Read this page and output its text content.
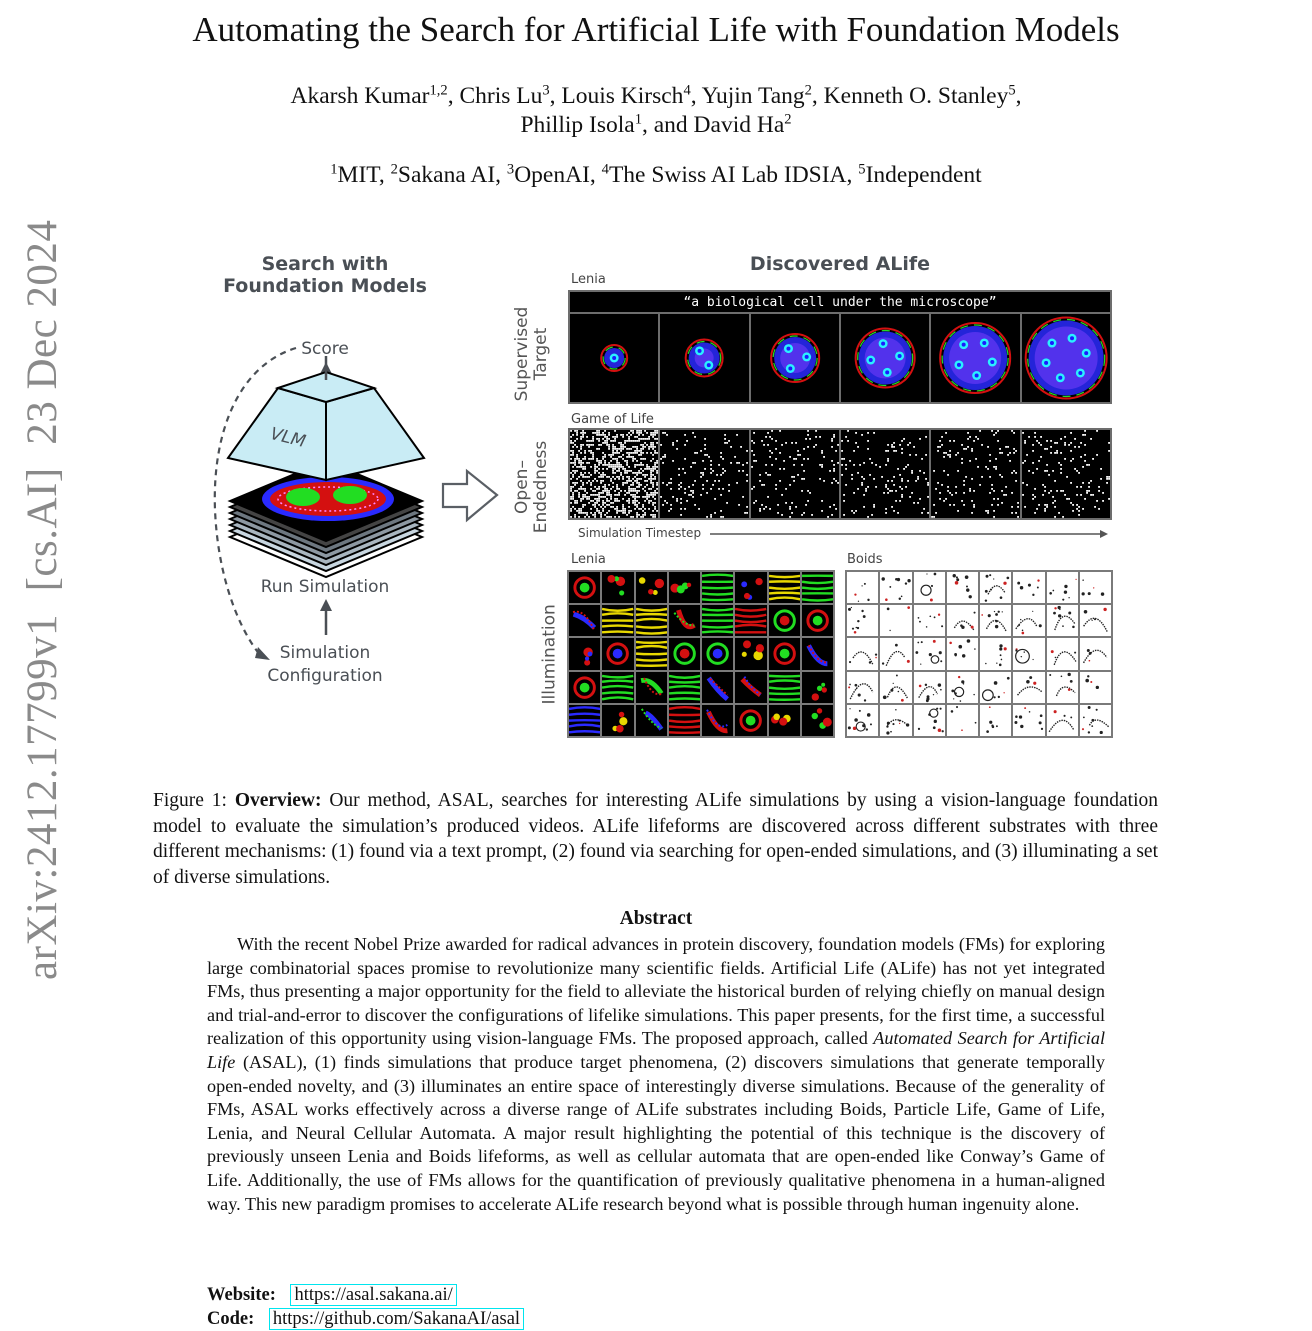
arXiv:2412.17799v1  [cs.AI]  23 Dec 2024
Automating the Search for Artificial Life with Foundation Models
Akarsh Kumar$^{1,2}$, Chris Lu$^3$, Louis Kirsch$^4$, Yujin Tang$^2$, Kenneth O. Stanley$^5$,
Phillip Isola$^1$, and David Ha$^2$
$^1$MIT, $^2$Sakana AI, $^3$OpenAI, $^4$The Swiss AI Lab IDSIA, $^5$Independent
Search with Foundation Models
Score
VLM
Run Simulation
Simulation Configuration
Discovered ALife
Lenia
Supervised Target
“a biological cell under the microscope”
Game of Life
Open– Endedness Simulation Timestep
Lenia	Boids
Illumination
Figure 1: Overview: Our method, ASAL, searches for interesting ALife simulations by using a vision-language foundation model to evaluate the simulation’s produced videos. ALife lifeforms are discovered across different substrates with three different mechanisms: (1) found via a text prompt, (2) found via searching for open-ended simulations, and (3) illuminating a set of diverse simulations.
Abstract
With the recent Nobel Prize awarded for radical advances in protein discovery, foundation models (FMs) for exploring large combinatorial spaces promise to revolutionize many scientific fields. Artificial Life (ALife) has not yet integrated FMs, thus presenting a major opportunity for the field to alleviate the historical burden of relying chiefly on manual design and trial-and-error to discover the configurations of lifelike simulations. This paper presents, for the first time, a successful realization of this opportunity using vision-language FMs. The proposed approach, called Automated Search for Artificial Life (ASAL), (1) finds simulations that produce target phenomena, (2) discovers simulations that generate temporally open-ended novelty, and (3) illuminates an entire space of interestingly diverse simulations. Because of the generality of FMs, ASAL works effectively across a diverse range of ALife substrates including Boids, Particle Life, Game of Life, Lenia, and Neural Cellular Automata. A major result highlighting the potential of this technique is the discovery of previously unseen Lenia and Boids lifeforms, as well as cellular automata that are open-ended like Conway’s Game of Life. Additionally, the use of FMs allows for the quantification of previously qualitative phenomena in a human-aligned way. This new paradigm promises to accelerate ALife research beyond what is possible through human ingenuity alone.
Website: https://asal.sakana.ai/
Code: https://github.com/SakanaAI/asal
